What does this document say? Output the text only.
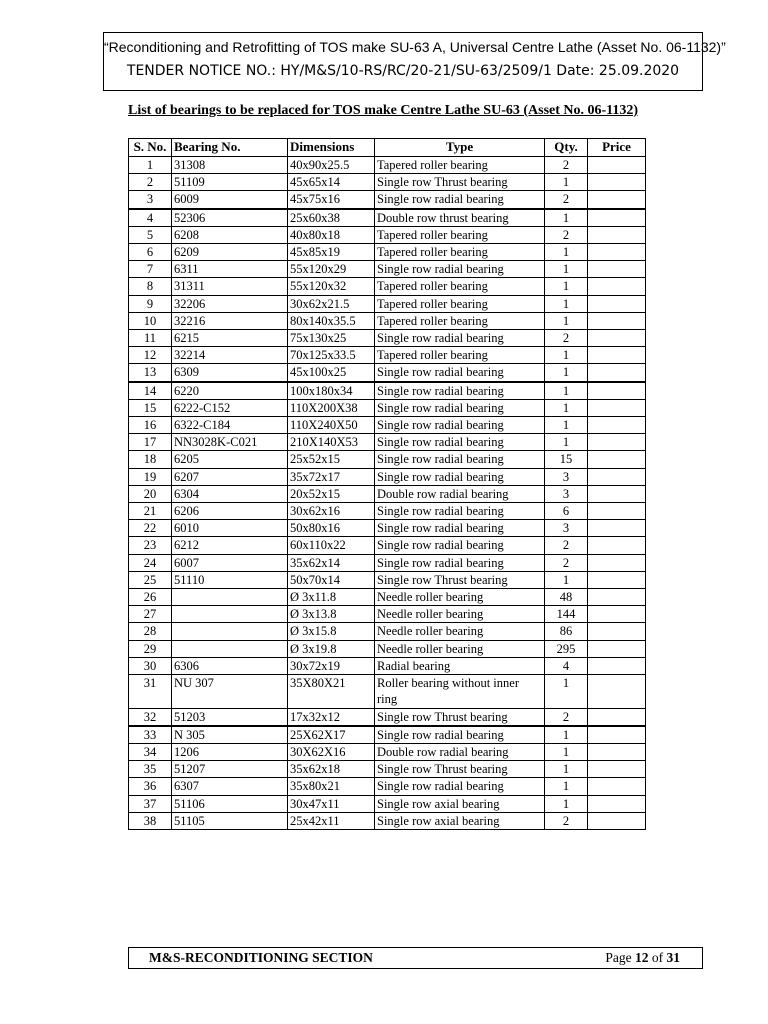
“Reconditioning and Retrofitting of TOS make SU-63 A, Universal Centre Lathe (Asset No. 06-1132)”
TENDER NOTICE NO.: HY/M&S/10-RS/RC/20-21/SU-63/2509/1 Date: 25.09.2020
List of bearings to be replaced for TOS make Centre Lathe SU-63 (Asset No. 06-1132)
S. No.	Bearing No.	Dimensions	Type	Qty.	Price
1	31308	40x90x25.5	Tapered roller bearing	2	
2	51109	45x65x14	Single row Thrust bearing	1	
3	6009	45x75x16	Single row radial bearing	2	
4	52306	25x60x38	Double row thrust bearing	1	
5	6208	40x80x18	Tapered roller bearing	2	
6	6209	45x85x19	Tapered roller bearing	1	
7	6311	55x120x29	Single row radial bearing	1	
8	31311	55x120x32	Tapered roller bearing	1	
9	32206	30x62x21.5	Tapered roller bearing	1	
10	32216	80x140x35.5	Tapered roller bearing	1	
11	6215	75x130x25	Single row radial bearing	2	
12	32214	70x125x33.5	Tapered roller bearing	1	
13	6309	45x100x25	Single row radial bearing	1	
14	6220	100x180x34	Single row radial bearing	1	
15	6222-C152	110X200X38	Single row radial bearing	1	
16	6322-C184	110X240X50	Single row radial bearing	1	
17	NN3028K-C021	210X140X53	Single row radial bearing	1	
18	6205	25x52x15	Single row radial bearing	15	
19	6207	35x72x17	Single row radial bearing	3	
20	6304	20x52x15	Double row radial bearing	3	
21	6206	30x62x16	Single row radial bearing	6	
22	6010	50x80x16	Single row radial bearing	3	
23	6212	60x110x22	Single row radial bearing	2	
24	6007	35x62x14	Single row radial bearing	2	
25	51110	50x70x14	Single row Thrust bearing	1	
26		Ø 3x11.8	Needle roller bearing	48	
27		Ø 3x13.8	Needle roller bearing	144	
28		Ø 3x15.8	Needle roller bearing	86	
29		Ø 3x19.8	Needle roller bearing	295	
30	6306	30x72x19	Radial bearing	4	
31	NU 307	35X80X21	Roller bearing without inner ring	1	
32	51203	17x32x12	Single row Thrust bearing	2	
33	N 305	25X62X17	Single row radial bearing	1	
34	1206	30X62X16	Double row radial bearing	1	
35	51207	35x62x18	Single row Thrust bearing	1	
36	6307	35x80x21	Single row radial bearing	1	
37	51106	30x47x11	Single row axial bearing	1	
38	51105	25x42x11	Single row axial bearing	2	
M&S-RECONDITIONING SECTION	Page 12 of 31
